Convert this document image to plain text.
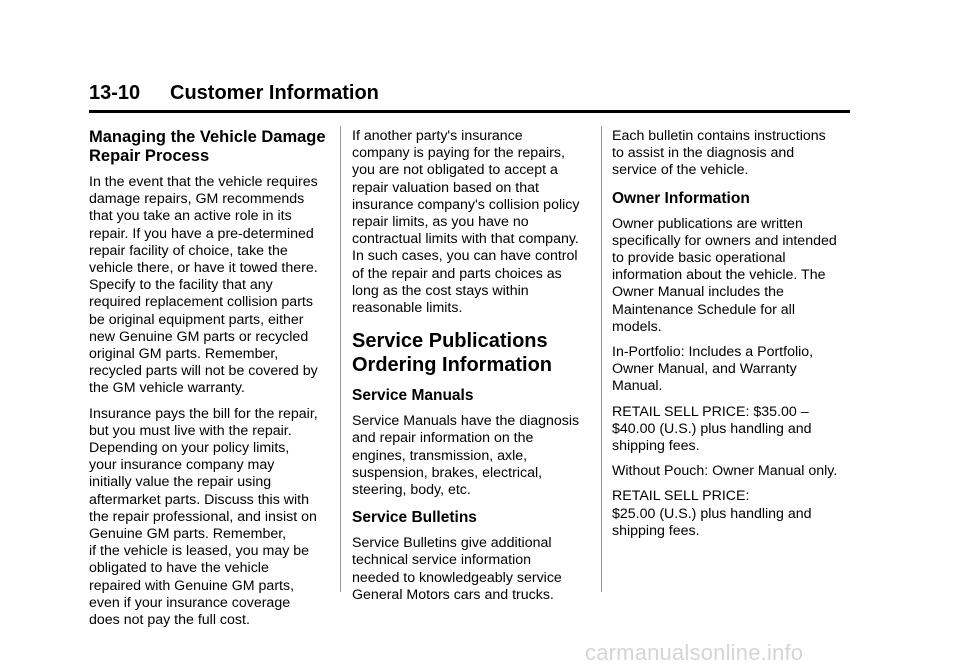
13-10 Customer Information
Managing the Vehicle Damage
Repair Process

In the event that the vehicle requires
damage repairs, GM recommends
that you take an active role in its
repair. If you have a pre-determined
repair facility of choice, take the
vehicle there, or have it towed there.
Specify to the facility that any
required replacement collision parts
be original equipment parts, either
new Genuine GM parts or recycled
original GM parts. Remember,
recycled parts will not be covered by
the GM vehicle warranty.

Insurance pays the bill for the repair,
but you must live with the repair.
Depending on your policy limits,
your insurance company may
initially value the repair using
aftermarket parts. Discuss this with
the repair professional, and insist on
Genuine GM parts. Remember,
if the vehicle is leased, you may be
obligated to have the vehicle
repaired with Genuine GM parts,
even if your insurance coverage
does not pay the full cost.

If another party's insurance
company is paying for the repairs,
you are not obligated to accept a
repair valuation based on that
insurance company's collision policy
repair limits, as you have no
contractual limits with that company.
In such cases, you can have control
of the repair and parts choices as
long as the cost stays within
reasonable limits.

Service Publications
Ordering Information
Service Manuals

Service Manuals have the diagnosis
and repair information on the
engines, transmission, axle,
suspension, brakes, electrical,
steering, body, etc.

Service Bulletins

Service Bulletins give additional
technical service information
needed to knowledgeably service
General Motors cars and trucks.

Each bulletin contains instructions
to assist in the diagnosis and
service of the vehicle.

Owner Information

Owner publications are written
specifically for owners and intended
to provide basic operational
information about the vehicle. The
Owner Manual includes the
Maintenance Schedule for all
models.

In-Portfolio: Includes a Portfolio,
Owner Manual, and Warranty
Manual.

RETAIL SELL PRICE: $35.00 –
$40.00 (U.S.) plus handling and
shipping fees.

Without Pouch: Owner Manual only.

RETAIL SELL PRICE:
$25.00 (U.S.) plus handling and
shipping fees.

carmanualsonline.info
